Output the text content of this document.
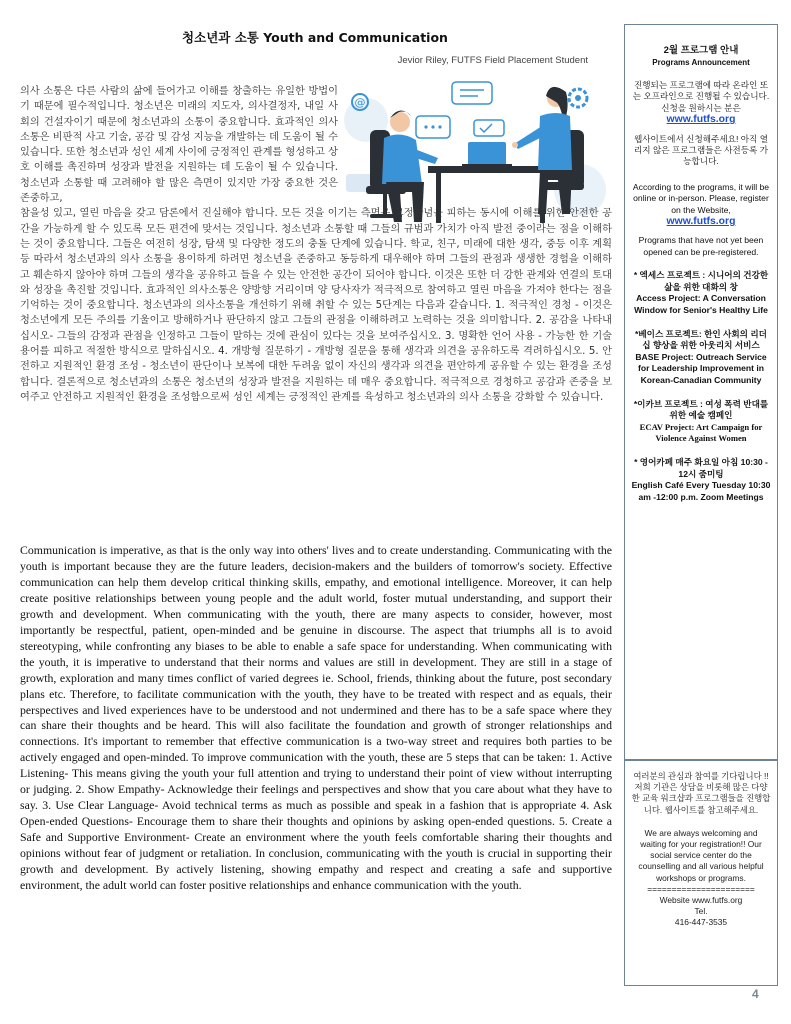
청소년과 소통 Youth and Communication
Jevior Riley, FUTFS Field Placement Student
@
의사 소통은 다른 사람의 삶에 들어가고 이해를 창출하는 유일한 방법이기 때문에 필수적입니다. 청소년은 미래의 지도자, 의사결정자, 내일 사회의 건설자이기 때문에 청소년과의 소통이 중요합니다. 효과적인 의사소통은 비판적 사고 기술, 공감 및 감성 지능을 개발하는 데 도움이 될 수 있습니다. 또한 청소년과 성인 세계 사이에 긍정적인 관계를 형성하고 상호 이해를 촉진하며 성장과 발전을 지원하는 데 도움이 될 수 있습니다. 청소년과 소통할 때 고려해야 할 많은 측면이 있지만 가장 중요한 것은 존중하고,
참을성 있고, 열린 마음을 갖고 담론에서 진실해야 합니다. 모든 것을 이기는 측면은 고정관념을 피하는 동시에 이해를 위한 안전한 공간을 가능하게 할 수 있도록 모든 편견에 맞서는 것입니다. 청소년과 소통할 때 그들의 규범과 가치가 아직 발전 중이라는 점을 이해하는 것이 중요합니다. 그들은 여전히 성장, 탐색 및 다양한 정도의 충돌 단계에 있습니다. 학교, 친구, 미래에 대한 생각, 중등 이후 계획 등 따라서 청소년과의 의사 소통을 용이하게 하려면 청소년을 존중하고 동등하게 대우해야 하며 그들의 관점과 생생한 경험을 이해하고 훼손하지 않아야 하며 그들의 생각을 공유하고 들을 수 있는 안전한 공간이 되어야 합니다. 이것은 또한 더 강한 관계와 연결의 토대와 성장을 촉진할 것입니다. 효과적인 의사소통은 양방향 거리이며 양 당사자가 적극적으로 참여하고 열린 마음을 가져야 한다는 점을 기억하는 것이 중요합니다. 청소년과의 의사소통을 개선하기 위해 취할 수 있는 5단계는 다음과 같습니다. 1. 적극적인 경청 - 이것은 청소년에게 모든 주의를 기울이고 방해하거나 판단하지 않고 그들의 관점을 이해하려고 노력하는 것을 의미합니다. 2. 공감을 나타내십시오- 그들의 감정과 관점을 인정하고 그들이 말하는 것에 관심이 있다는 것을 보여주십시오. 3. 명확한 언어 사용 - 가능한 한 기술 용어를 피하고 적절한 방식으로 말하십시오. 4. 개방형 질문하기 - 개방형 질문을 통해 생각과 의견을 공유하도록 격려하십시오. 5. 안전하고 지원적인 환경 조성 - 청소년이 판단이나 보복에 대한 두려움 없이 자신의 생각과 의견을 편안하게 공유할 수 있는 환경을 조성합니다. 결론적으로 청소년과의 소통은 청소년의 성장과 발전을 지원하는 데 매우 중요합니다. 적극적으로 경청하고 공감과 존중을 보여주고 안전하고 지원적인 환경을 조성함으로써 성인 세계는 긍정적인 관계를 육성하고 청소년과의 의사 소통을 강화할 수 있습니다.
Communication is imperative, as that is the only way into others' lives and to create understanding. Communicating with the youth is important because they are the future leaders, decision-makers and the builders of tomorrow's society. Effective communication can help them develop critical thinking skills, empathy, and emotional intelligence. Moreover, it can help create positive relationships between young people and the adult world, foster mutual understanding, and support their growth and development. When communicating with the youth, there are many aspects to consider, however, most importantly be respectful, patient, open-minded and be genuine in discourse. The aspect that triumphs all is to avoid stereotyping, while confronting any biases to be able to enable a safe space for understanding. When communicating with the youth, it is imperative to understand that their norms and values are still in development. They are still in a stage of growth, exploration and many times conflict of varied degrees ie. School, friends, thinking about the future, post secondary plans etc. Therefore, to facilitate communication with the youth, they have to be treated with respect and as equals, their perspectives and lived experiences have to be understood and not undermined and there has to be a safe space where they can share their thoughts and be heard. This will also facilitate the foundation and growth of stronger relationships and connections. It's important to remember that effective communication is a two-way street and requires both parties to be actively engaged and open-minded. To improve communication with the youth, these are 5 steps that can be taken: 1. Active Listening- This means giving the youth your full attention and trying to understand their point of view without interrupting or judging. 2. Show Empathy- Acknowledge their feelings and perspectives and show that you care about what they have to say. 3. Use Clear Language- Avoid technical terms as much as possible and speak in a fashion that is appropriate 4. Ask Open-ended Questions- Encourage them to share their thoughts and opinions by asking open-ended questions. 5. Create a Safe and Supportive Environment- Create an environment where the youth feels comfortable sharing their thoughts and opinions without fear of judgment or retaliation. In conclusion, communicating with the youth is crucial in supporting their growth and development. By actively listening, showing empathy and respect and creating a safe and supportive environment, the adult world can foster positive relationships and enhance communication with the youth.
2월 프로그램 안내
Programs Announcement
진행되는 프로그램에 따라 온라인 또는 오프라인으로 진행될 수 있습니다. 신청을 원하시는 분은
www.futfs.org
웹사이트에서 신청해주세요! 아직 열리지 않은 프로그램들은 사전등록 가능합니다.
According to the programs, it will be online or in-person. Please, register on the Website,
www.futfs.org
Programs that have not yet been opened can be pre-registered.
* 엑세스 프로젝트 : 시니어의 건강한 삶을 위한 대화의 창
Access Project: A Conversation Window for Senior's Healthy Life
*베이스 프로젝트: 한인 사회의 리더십 향상을 위한 아웃리치 서비스
BASE Project: Outreach Service for Leadership Improvement in Korean-Canadian Community
*이카브 프로젝트 : 여성 폭력 반대를 위한 예술 캠페인
ECAV Project: Art Campaign for Violence Against Women
* 영어카페 매주 화요일 아침 10:30 - 12시 줌미팅
English Café Every Tuesday 10:30 am -12:00 p.m. Zoom Meetings
여러분의 관심과 참여를 기다립니다 !!
저희 기관은 상담을 비롯해 많은 다양한 교육 워크샵과 프로그램들을 진행합니다. 웹사이트를 참고해주세요.
We are always welcoming and waiting for your registration!! Our social service center do the counselling and all various helpful workshops or programs.
======================
Website www.futfs.org
Tel.
416-447-3535
4
